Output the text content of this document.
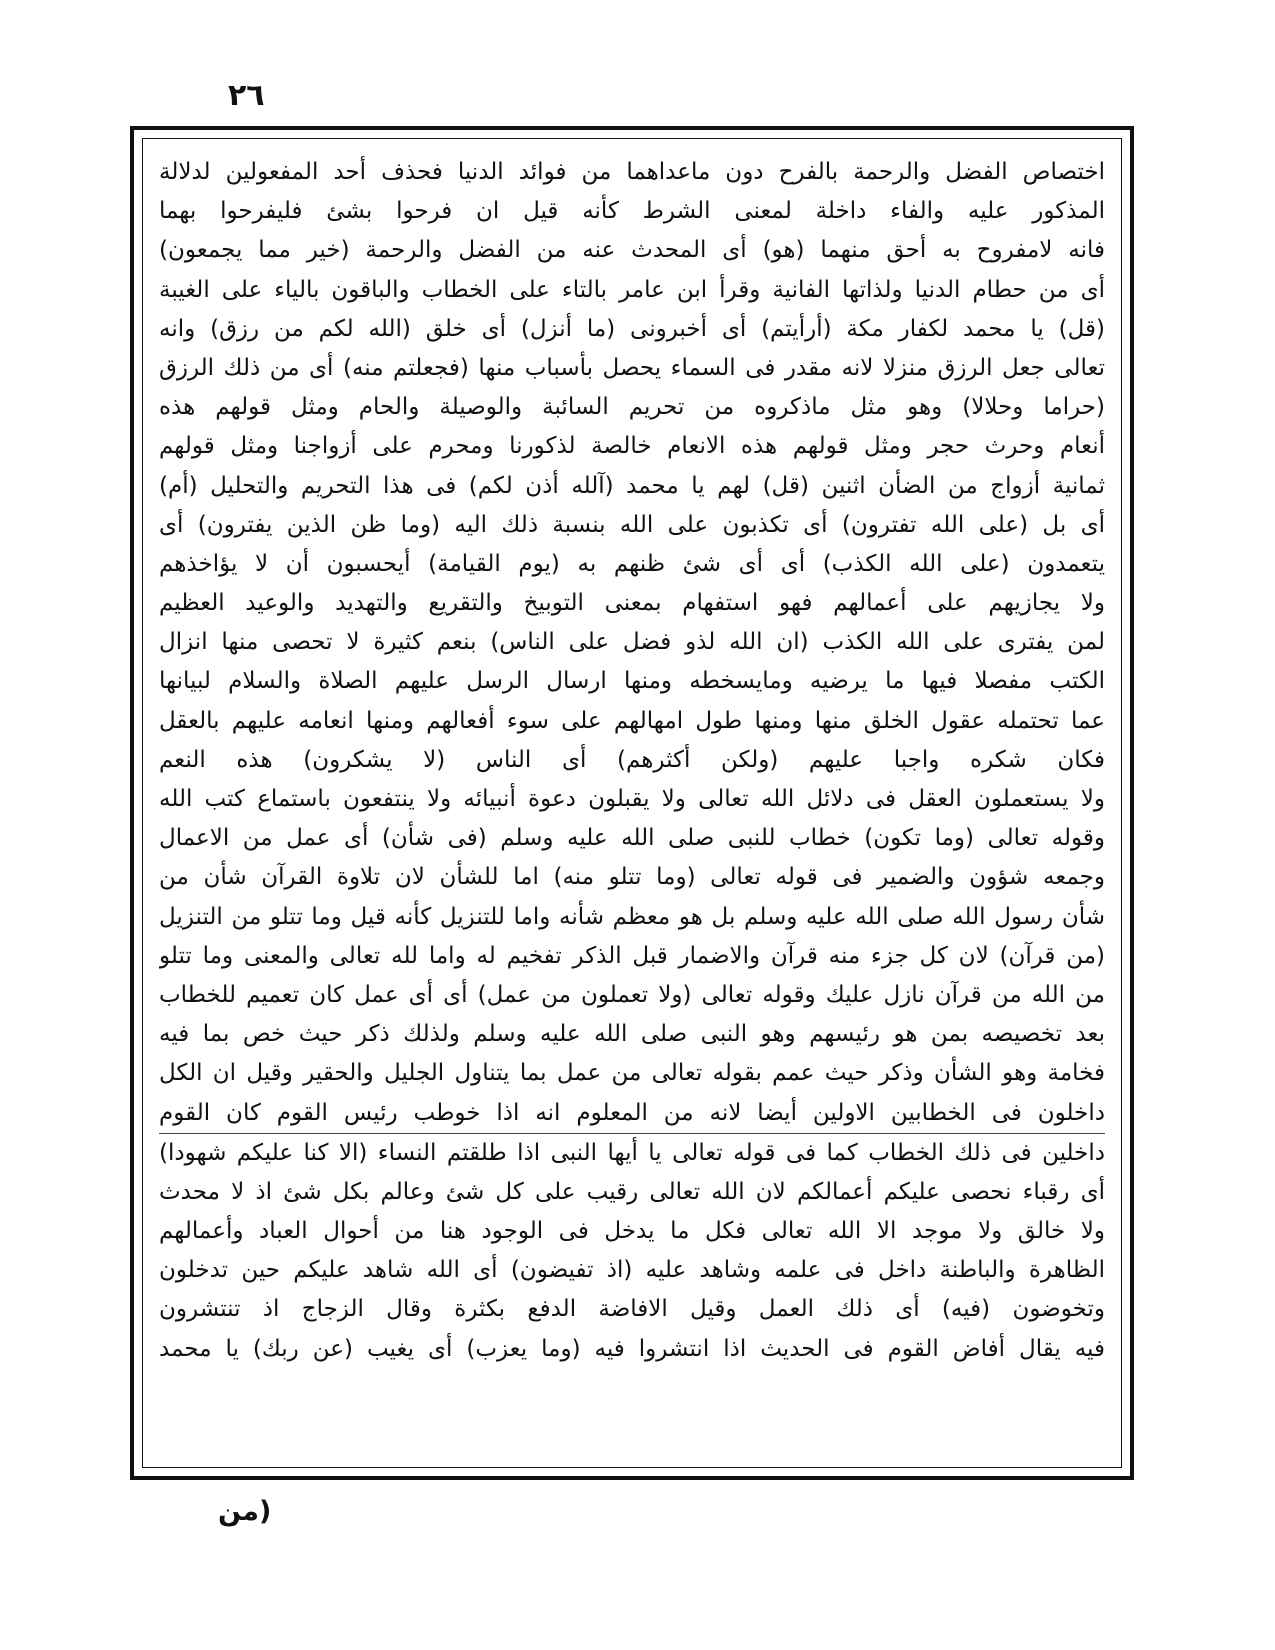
٢٦
اختصاص الفضل والرحمة بالفرح دون ماعداهما من فوائد الدنيا فحذف أحد المفعولين لدلالة
المذكور عليه والفاء داخلة لمعنى الشرط كأنه قيل ان فرحوا بشئ فليفرحوا بهما
فانه لامفروح به أحق منهما (هو) أى المحدث عنه من الفضل والرحمة (خير مما يجمعون)
أى من حطام الدنيا ولذاتها الفانية وقرأ ابن عامر بالتاء على الخطاب والباقون بالياء على الغيبة
(قل) يا محمد لكفار مكة (أرأيتم) أى أخبرونى (ما أنزل) أى خلق (الله لكم من رزق) وانه
تعالى جعل الرزق منزلا لانه مقدر فى السماء يحصل بأسباب منها (فجعلتم منه) أى من ذلك الرزق
(حراما وحلالا) وهو مثل ماذكروه من تحريم السائبة والوصيلة والحام ومثل قولهم هذه
أنعام وحرث حجر ومثل قولهم هذه الانعام خالصة لذكورنا ومحرم على أزواجنا ومثل قولهم
ثمانية أزواج من الضأن اثنين (قل) لهم يا محمد (آلله أذن لكم) فى هذا التحريم والتحليل (أم)
أى بل (على الله تفترون) أى تكذبون على الله بنسبة ذلك اليه (وما ظن الذين يفترون) أى
يتعمدون (على الله الكذب) أى أى شئ ظنهم به (يوم القيامة) أيحسبون أن لا يؤاخذهم
ولا يجازيهم على أعمالهم فهو استفهام بمعنى التوبيخ والتقريع والتهديد والوعيد العظيم
لمن يفترى على الله الكذب (ان الله لذو فضل على الناس) بنعم كثيرة لا تحصى منها انزال
الكتب مفصلا فيها ما يرضيه ومايسخطه ومنها ارسال الرسل عليهم الصلاة والسلام لبيانها
عما تحتمله عقول الخلق منها ومنها طول امهالهم على سوء أفعالهم ومنها انعامه عليهم بالعقل
فكان شكره واجبا عليهم (ولكن أكثرهم) أى الناس (لا يشكرون) هذه النعم
ولا يستعملون العقل فى دلائل الله تعالى ولا يقبلون دعوة أنبيائه ولا ينتفعون باستماع كتب الله
وقوله تعالى (وما تكون) خطاب للنبى صلى الله عليه وسلم (فى شأن) أى عمل من الاعمال
وجمعه شؤون والضمير فى قوله تعالى (وما تتلو منه) اما للشأن لان تلاوة القرآن شأن من
شأن رسول الله صلى الله عليه وسلم بل هو معظم شأنه واما للتنزيل كأنه قيل وما تتلو من التنزيل
(من قرآن) لان كل جزء منه قرآن والاضمار قبل الذكر تفخيم له واما لله تعالى والمعنى وما تتلو
من الله من قرآن نازل عليك وقوله تعالى (ولا تعملون من عمل) أى أى عمل كان تعميم للخطاب
بعد تخصيصه بمن هو رئيسهم وهو النبى صلى الله عليه وسلم ولذلك ذكر حيث خص بما فيه
فخامة وهو الشأن وذكر حيث عمم بقوله تعالى من عمل بما يتناول الجليل والحقير وقيل ان الكل
داخلون فى الخطابين الاولين أيضا لانه من المعلوم انه اذا خوطب رئيس القوم كان القوم
داخلين فى ذلك الخطاب كما فى قوله تعالى يا أيها النبى اذا طلقتم النساء (الا كنا عليكم شهودا)
أى رقباء نحصى عليكم أعمالكم لان الله تعالى رقيب على كل شئ وعالم بكل شئ اذ لا محدث
ولا خالق ولا موجد الا الله تعالى فكل ما يدخل فى الوجود هنا من أحوال العباد وأعمالهم
الظاهرة والباطنة داخل فى علمه وشاهد عليه (اذ تفيضون) أى الله شاهد عليكم حين تدخلون
وتخوضون (فيه) أى ذلك العمل وقيل الافاضة الدفع بكثرة وقال الزجاج اذ تنتشرون
فيه يقال أفاض القوم فى الحديث اذا انتشروا فيه (وما يعزب) أى يغيب (عن ربك) يا محمد
(من
